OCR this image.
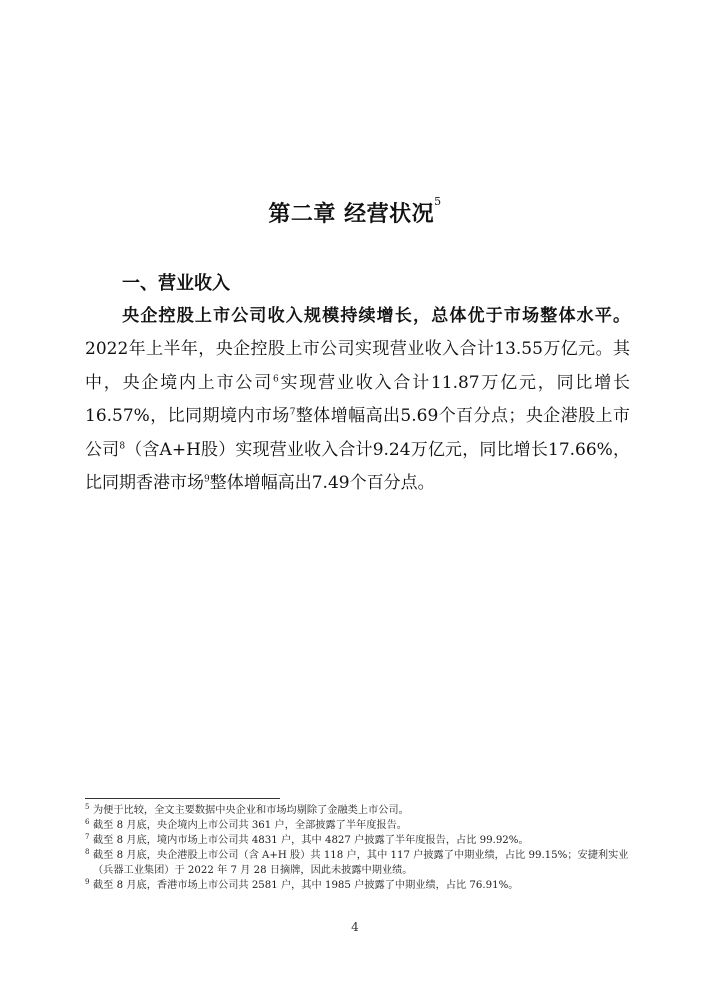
第二章 经营状况$^5$
一、营业收入

央企控股上市公司收入规模持续增长，总体优于市场整体水平。2022年上半年，央企控股上市公司实现营业收入合计13.55万亿元。其中，央企境内上市公司$^6$实现营业收入合计11.87万亿元，同比增长16.57%，比同期境内市场$^7$整体增幅高出5.69个百分点；央企港股上市公司$^8$（含A+H股）实现营业收入合计9.24万亿元，同比增长17.66%，比同期香港市场$^9$整体增幅高出7.49个百分点。

5 为便于比较，全文主要数据中央企业和市场均剔除了金融类上市公司。
6 截至 8 月底，央企境内上市公司共 361 户，全部披露了半年度报告。
7 截至 8 月底，境内市场上市公司共 4831 户，其中 4827 户披露了半年度报告，占比 99.92%。
8 截至 8 月底，央企港股上市公司（含 A+H 股）共 118 户，其中 117 户披露了中期业绩，占比 99.15%；安捷利实业（兵器工业集团）于 2022 年 7 月 28 日摘牌，因此未披露中期业绩。
9 截至 8 月底，香港市场上市公司共 2581 户，其中 1985 户披露了中期业绩，占比 76.91%。
4
